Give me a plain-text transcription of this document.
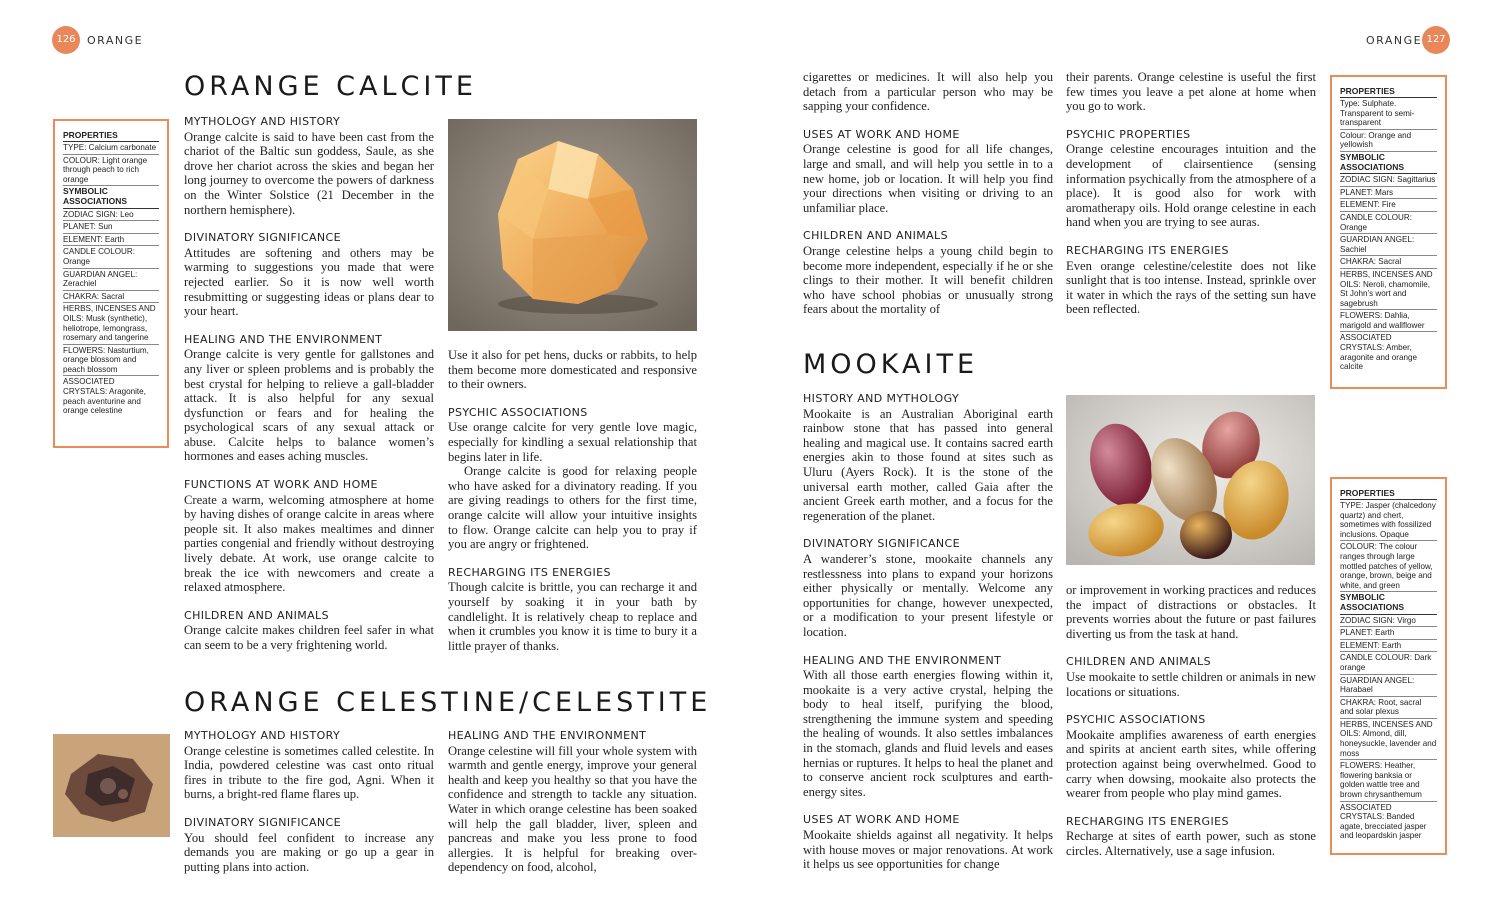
126	ORANGE	ORANGE 127
ORANGE CALCITE
PROPERTIES
TYPE: Calcium carbonate
COLOUR: Light orange through peach to rich orange
SYMBOLIC ASSOCIATIONS
ZODIAC SIGN: Leo
PLANET: Sun
ELEMENT: Earth
CANDLE COLOUR: Orange
GUARDIAN ANGEL: Zerachiel
CHAKRA: Sacral
HERBS, INCENSES AND OILS: Musk (synthetic), heliotrope, lemongrass, rosemary and tangerine
FLOWERS: Nasturtium, orange blossom and peach blossom
ASSOCIATED CRYSTALS: Aragonite, peach aventurine and orange celestine
MYTHOLOGY AND HISTORY

Orange calcite is said to have been cast from the chariot of the Baltic sun goddess, Saule, as she drove her chariot across the skies and began her long journey to overcome the powers of darkness on the Winter Solstice (21 December in the northern hemisphere).

DIVINATORY SIGNIFICANCE

Attitudes are softening and others may be warming to suggestions you made that were rejected earlier. So it is now well worth resubmitting or suggesting ideas or plans dear to your heart.

HEALING AND THE ENVIRONMENT

Orange calcite is very gentle for gallstones and any liver or spleen problems and is probably the best crystal for helping to relieve a gall-bladder attack. It is also helpful for any sexual dysfunction or fears and for healing the psychological scars of any sexual attack or abuse. Calcite helps to balance women’s hormones and eases aching muscles.

FUNCTIONS AT WORK AND HOME

Create a warm, welcoming atmosphere at home by having dishes of orange calcite in areas where people sit. It also makes mealtimes and dinner parties congenial and friendly without destroying lively debate. At work, use orange calcite to break the ice with newcomers and create a relaxed atmosphere.

CHILDREN AND ANIMALS

Orange calcite makes children feel safer in what can seem to be a very frightening world.

Use it also for pet hens, ducks or rabbits, to help them become more domesticated and responsive to their owners.

PSYCHIC ASSOCIATIONS

Use orange calcite for very gentle love magic, especially for kindling a sexual relationship that begins later in life.

Orange calcite is good for relaxing people who have asked for a divinatory reading. If you are giving readings to others for the first time, orange calcite will allow your intuitive insights to flow. Orange calcite can help you to pray if you are angry or frightened.

RECHARGING ITS ENERGIES

Though calcite is brittle, you can recharge it and yourself by soaking it in your bath by candlelight. It is relatively cheap to replace and when it crumbles you know it is time to bury it a little prayer of thanks.

ORANGE CELESTINE/CELESTITE
MYTHOLOGY AND HISTORY

Orange celestine is sometimes called celestite. In India, powdered celestine was cast onto ritual fires in tribute to the fire god, Agni. When it burns, a bright-red flame flares up.

DIVINATORY SIGNIFICANCE

You should feel confident to increase any demands you are making or go up a gear in putting plans into action.

HEALING AND THE ENVIRONMENT

Orange celestine will fill your whole system with warmth and gentle energy, improve your general health and keep you healthy so that you have the confidence and strength to tackle any situation. Water in which orange celestine has been soaked will help the gall bladder, liver, spleen and pancreas and make you less prone to food allergies. It is helpful for breaking over-dependency on food, alcohol,

cigarettes or medicines. It will also help you detach from a particular person who may be sapping your confidence.

USES AT WORK AND HOME

Orange celestine is good for all life changes, large and small, and will help you settle in to a new home, job or location. It will help you find your directions when visiting or driving to an unfamiliar place.

CHILDREN AND ANIMALS

Orange celestine helps a young child begin to become more independent, especially if he or she clings to their mother. It will benefit children who have school phobias or unusually strong fears about the mortality of

their parents. Orange celestine is useful the first few times you leave a pet alone at home when you go to work.

PSYCHIC PROPERTIES

Orange celestine encourages intuition and the development of clairsentience (sensing information psychically from the atmosphere of a place). It is good also for work with aromatherapy oils. Hold orange celestine in each hand when you are trying to see auras.

RECHARGING ITS ENERGIES

Even orange celestine/celestite does not like sunlight that is too intense. Instead, sprinkle over it water in which the rays of the setting sun have been reflected.

PROPERTIES
Type: Sulphate. Transparent to semi-transparent
Colour: Orange and yellowish
SYMBOLIC ASSOCIATIONS
ZODIAC SIGN: Sagittarius
PLANET: Mars
ELEMENT: Fire
CANDLE COLOUR: Orange
GUARDIAN ANGEL: Sachiel
CHAKRA: Sacral
HERBS, INCENSES AND OILS: Neroli, chamomile, St John’s wort and sagebrush
FLOWERS: Dahlia, marigold and wallflower
ASSOCIATED CRYSTALS: Amber, aragonite and orange calcite
MOOKAITE
HISTORY AND MYTHOLOGY

Mookaite is an Australian Aboriginal earth rainbow stone that has passed into general healing and magical use. It contains sacred earth energies akin to those found at sites such as Uluru (Ayers Rock). It is the stone of the universal earth mother, called Gaia after the ancient Greek earth mother, and a focus for the regeneration of the planet.

DIVINATORY SIGNIFICANCE

A wanderer’s stone, mookaite channels any restlessness into plans to expand your horizons either physically or mentally. Welcome any opportunities for change, however unexpected, or a modification to your present lifestyle or location.

HEALING AND THE ENVIRONMENT

With all those earth energies flowing within it, mookaite is a very active crystal, helping the body to heal itself, purifying the blood, strengthening the immune system and speeding the healing of wounds. It also settles imbalances in the stomach, glands and fluid levels and eases hernias or ruptures. It helps to heal the planet and to conserve ancient rock sculptures and earth-energy sites.

USES AT WORK AND HOME

Mookaite shields against all negativity. It helps with house moves or major renovations. At work it helps us see opportunities for change

or improvement in working practices and reduces the impact of distractions or obstacles. It prevents worries about the future or past failures diverting us from the task at hand.

CHILDREN AND ANIMALS

Use mookaite to settle children or animals in new locations or situations.

PSYCHIC ASSOCIATIONS

Mookaite amplifies awareness of earth energies and spirits at ancient earth sites, while offering protection against being overwhelmed. Good to carry when dowsing, mookaite also protects the wearer from people who play mind games.

RECHARGING ITS ENERGIES

Recharge at sites of earth power, such as stone circles. Alternatively, use a sage infusion.

PROPERTIES
TYPE: Jasper (chalcedony quartz) and chert, sometimes with fossilized inclusions. Opaque
COLOUR: The colour ranges through large mottled patches of yellow, orange, brown, beige and white, and green
SYMBOLIC ASSOCIATIONS
ZODIAC SIGN: Virgo
PLANET: Earth
ELEMENT: Earth
CANDLE COLOUR: Dark orange
GUARDIAN ANGEL: Harabael
CHAKRA: Root, sacral and solar plexus
HERBS, INCENSES AND OILS: Almond, dill, honeysuckle, lavender and moss
FLOWERS: Heather, flowering banksia or golden wattle tree and brown chrysanthemum
ASSOCIATED CRYSTALS: Banded agate, brecciated jasper and leopardskin jasper
